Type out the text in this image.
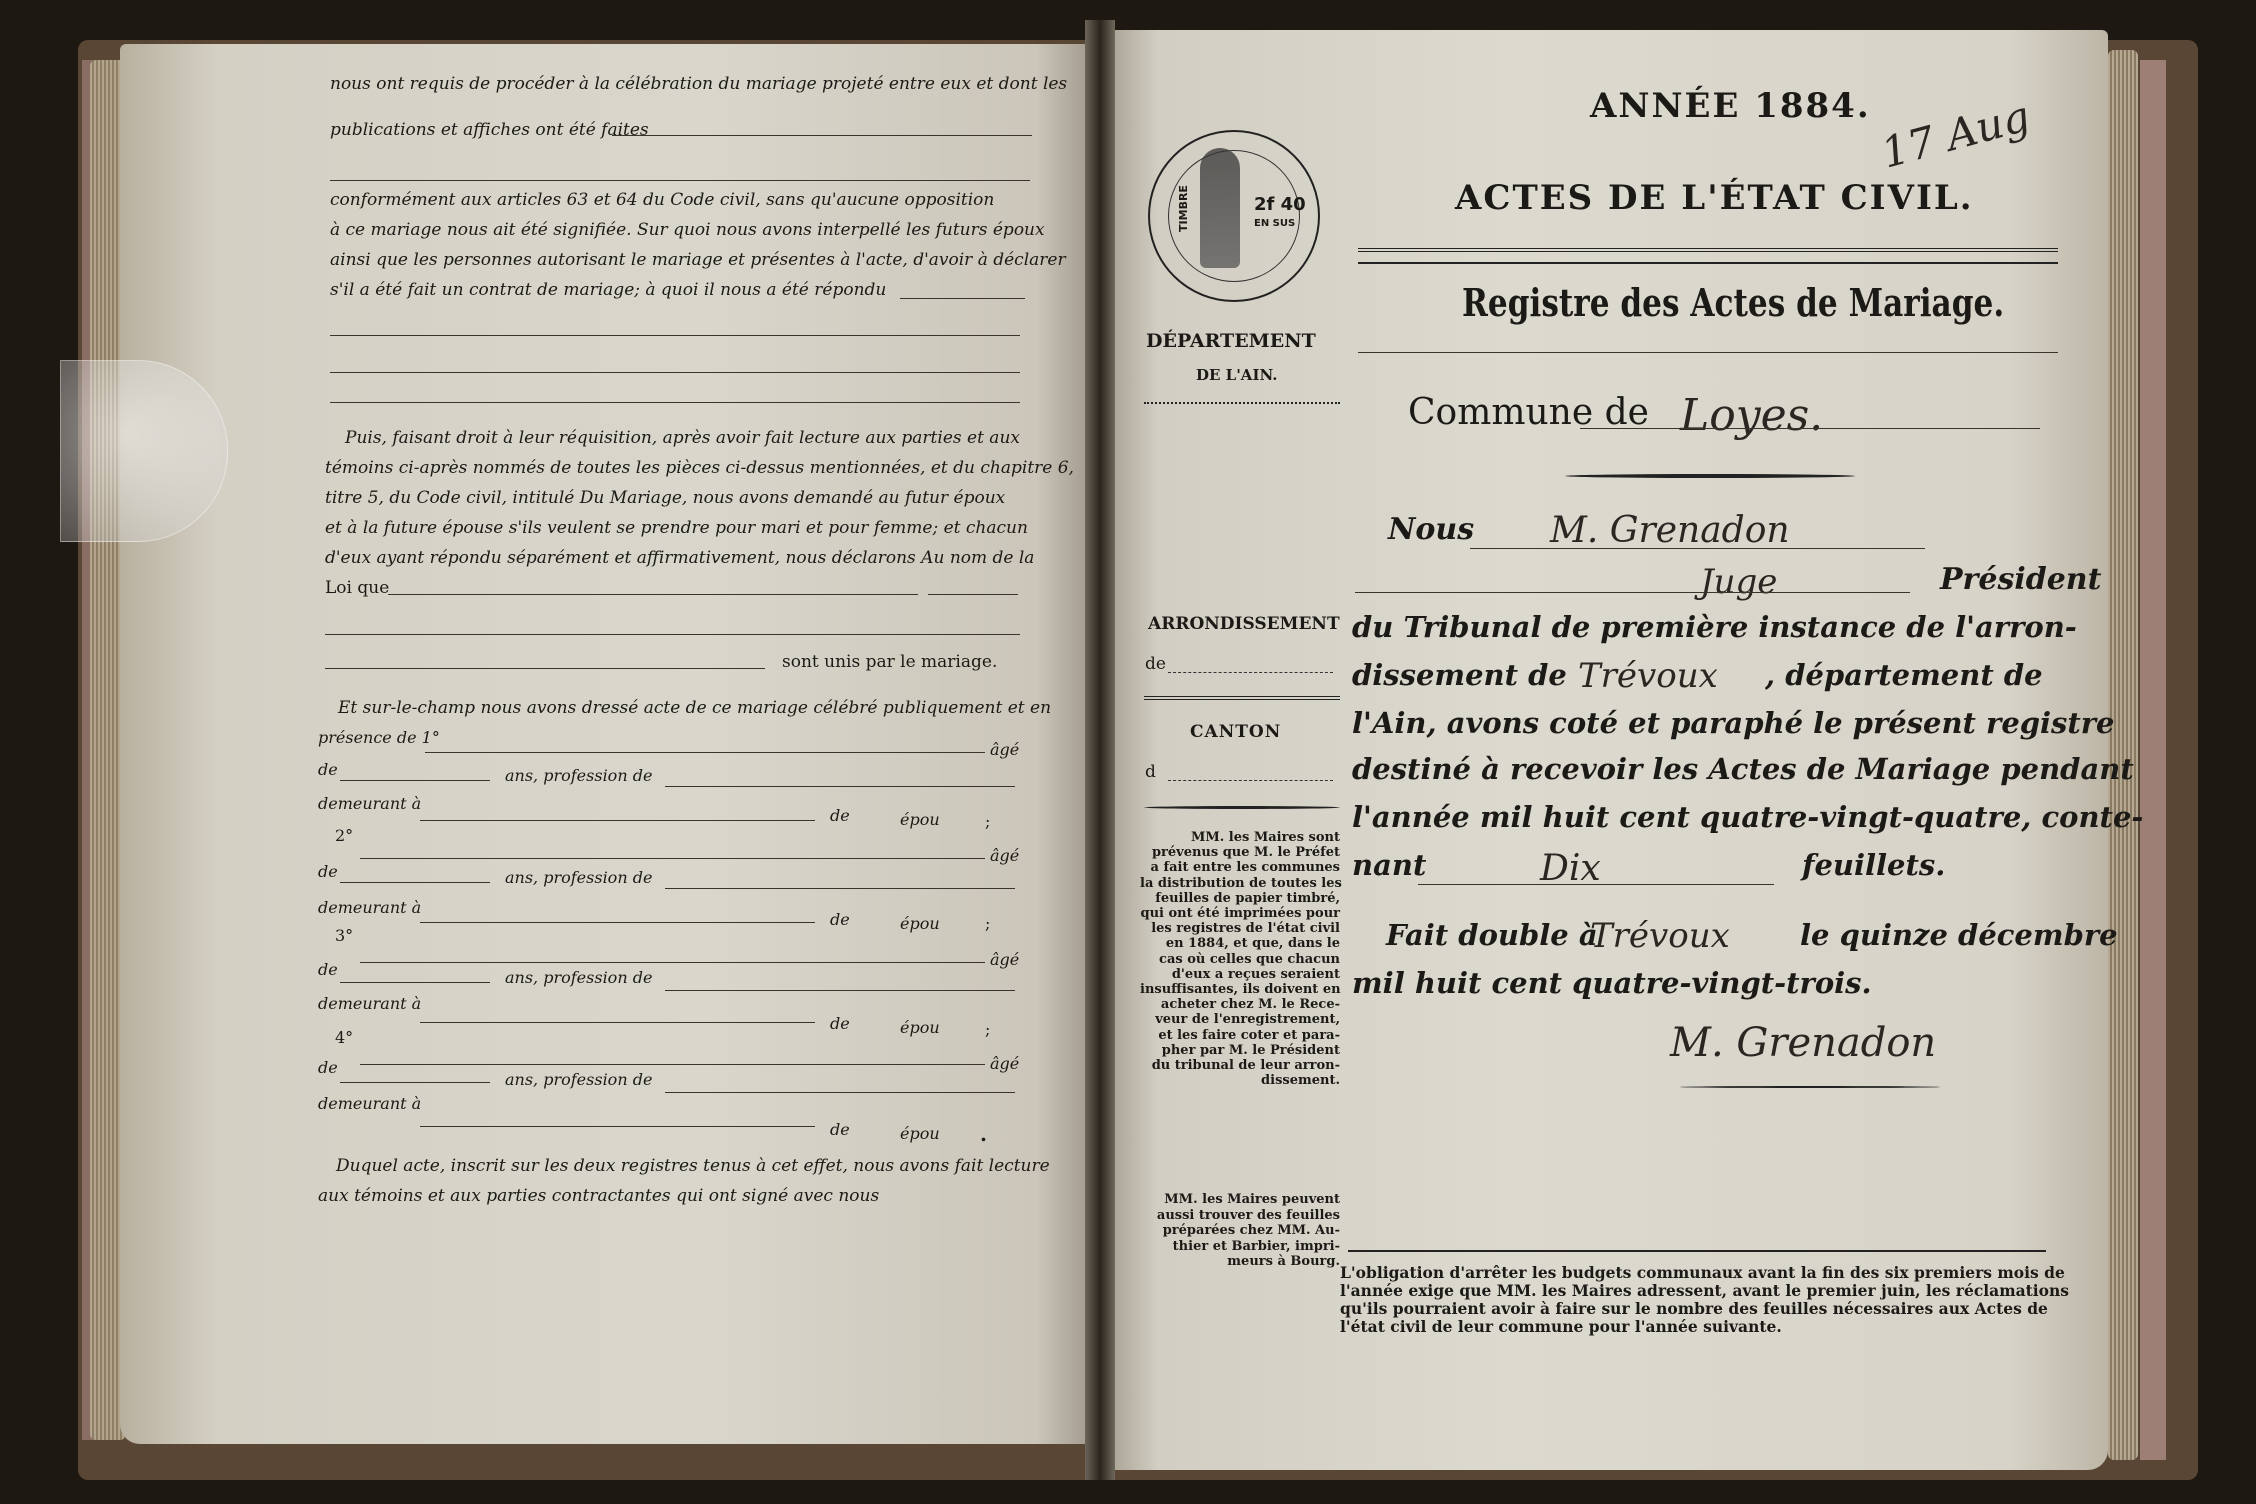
nous ont requis de procéder à la célébration du mariage projeté entre eux et dont les
publications et affiches ont été faites
conformément aux articles 63 et 64 du Code civil, sans qu'aucune opposition
à ce mariage nous ait été signifiée. Sur quoi nous avons interpellé les futurs époux
ainsi que les personnes autorisant le mariage et présentes à l'acte, d'avoir à déclarer
s'il a été fait un contrat de mariage; à quoi il nous a été répondu
Puis, faisant droit à leur réquisition, après avoir fait lecture aux parties et aux
témoins ci-après nommés de toutes les pièces ci-dessus mentionnées, et du chapitre 6,
titre 5, du Code civil, intitulé Du Mariage, nous avons demandé au futur époux
et à la future épouse s'ils veulent se prendre pour mari et pour femme; et chacun
d'eux ayant répondu séparément et affirmativement, nous déclarons Au nom de la
Loi que
sont unis par le mariage.
Et sur-le-champ nous avons dressé acte de ce mariage célébré publiquement et en
présence de 1°
âgé
de	ans, profession de
demeurant à
de	épou	;
2°
âgé
de	ans, profession de
demeurant à
de	épou	;
3°
âgé
de	ans, profession de
demeurant à
de	épou	;
4°
âgé
de
ans, profession de
demeurant à
de	épou .
Duquel acte, inscrit sur les deux registres tenus à cet effet, nous avons fait lecture
aux témoins et aux parties contractantes qui ont signé avec nous
ANNÉE 1884. 17 Aug
ACTES DE L'ÉTAT CIVIL.
Registre des Actes de Mariage.
TIMBRE	2f 40
EN SUS
DÉPARTEMENT
DE L'AIN.
Commune de Loyes.
Nous M. Grenadon
Juge	Président
ARRONDISSEMENT
de
CANTON
d
du Tribunal de première instance de l'arron-
dissement de Trévoux , département de
l'Ain, avons coté et paraphé le présent registre
destiné à recevoir les Actes de Mariage pendant
l'année mil huit cent quatre-vingt-quatre, conte-
nant	Dix	feuillets.
Fait double à
Trévoux le quinze décembre
mil huit cent quatre-vingt-trois.
M. Grenadon
MM. les Maires sont
prévenus que M. le Préfet
a fait entre les communes
la distribution de toutes les
feuilles de papier timbré,
qui ont été imprimées pour
les registres de l'état civil
en 1884, et que, dans le
cas où celles que chacun
d'eux a reçues seraient
insuffisantes, ils doivent en
acheter chez M. le Rece-
veur de l'enregistrement,
et les faire coter et para-
pher par M. le Président
du tribunal de leur arron-
dissement.
MM. les Maires peuvent
aussi trouver des feuilles
préparées chez MM. Au-
thier et Barbier, impri-
meurs à Bourg.
L'obligation d'arrêter les budgets communaux avant la fin des six premiers mois de
l'année exige que MM. les Maires adressent, avant le premier juin, les réclamations
qu'ils pourraient avoir à faire sur le nombre des feuilles nécessaires aux Actes de
l'état civil de leur commune pour l'année suivante.
